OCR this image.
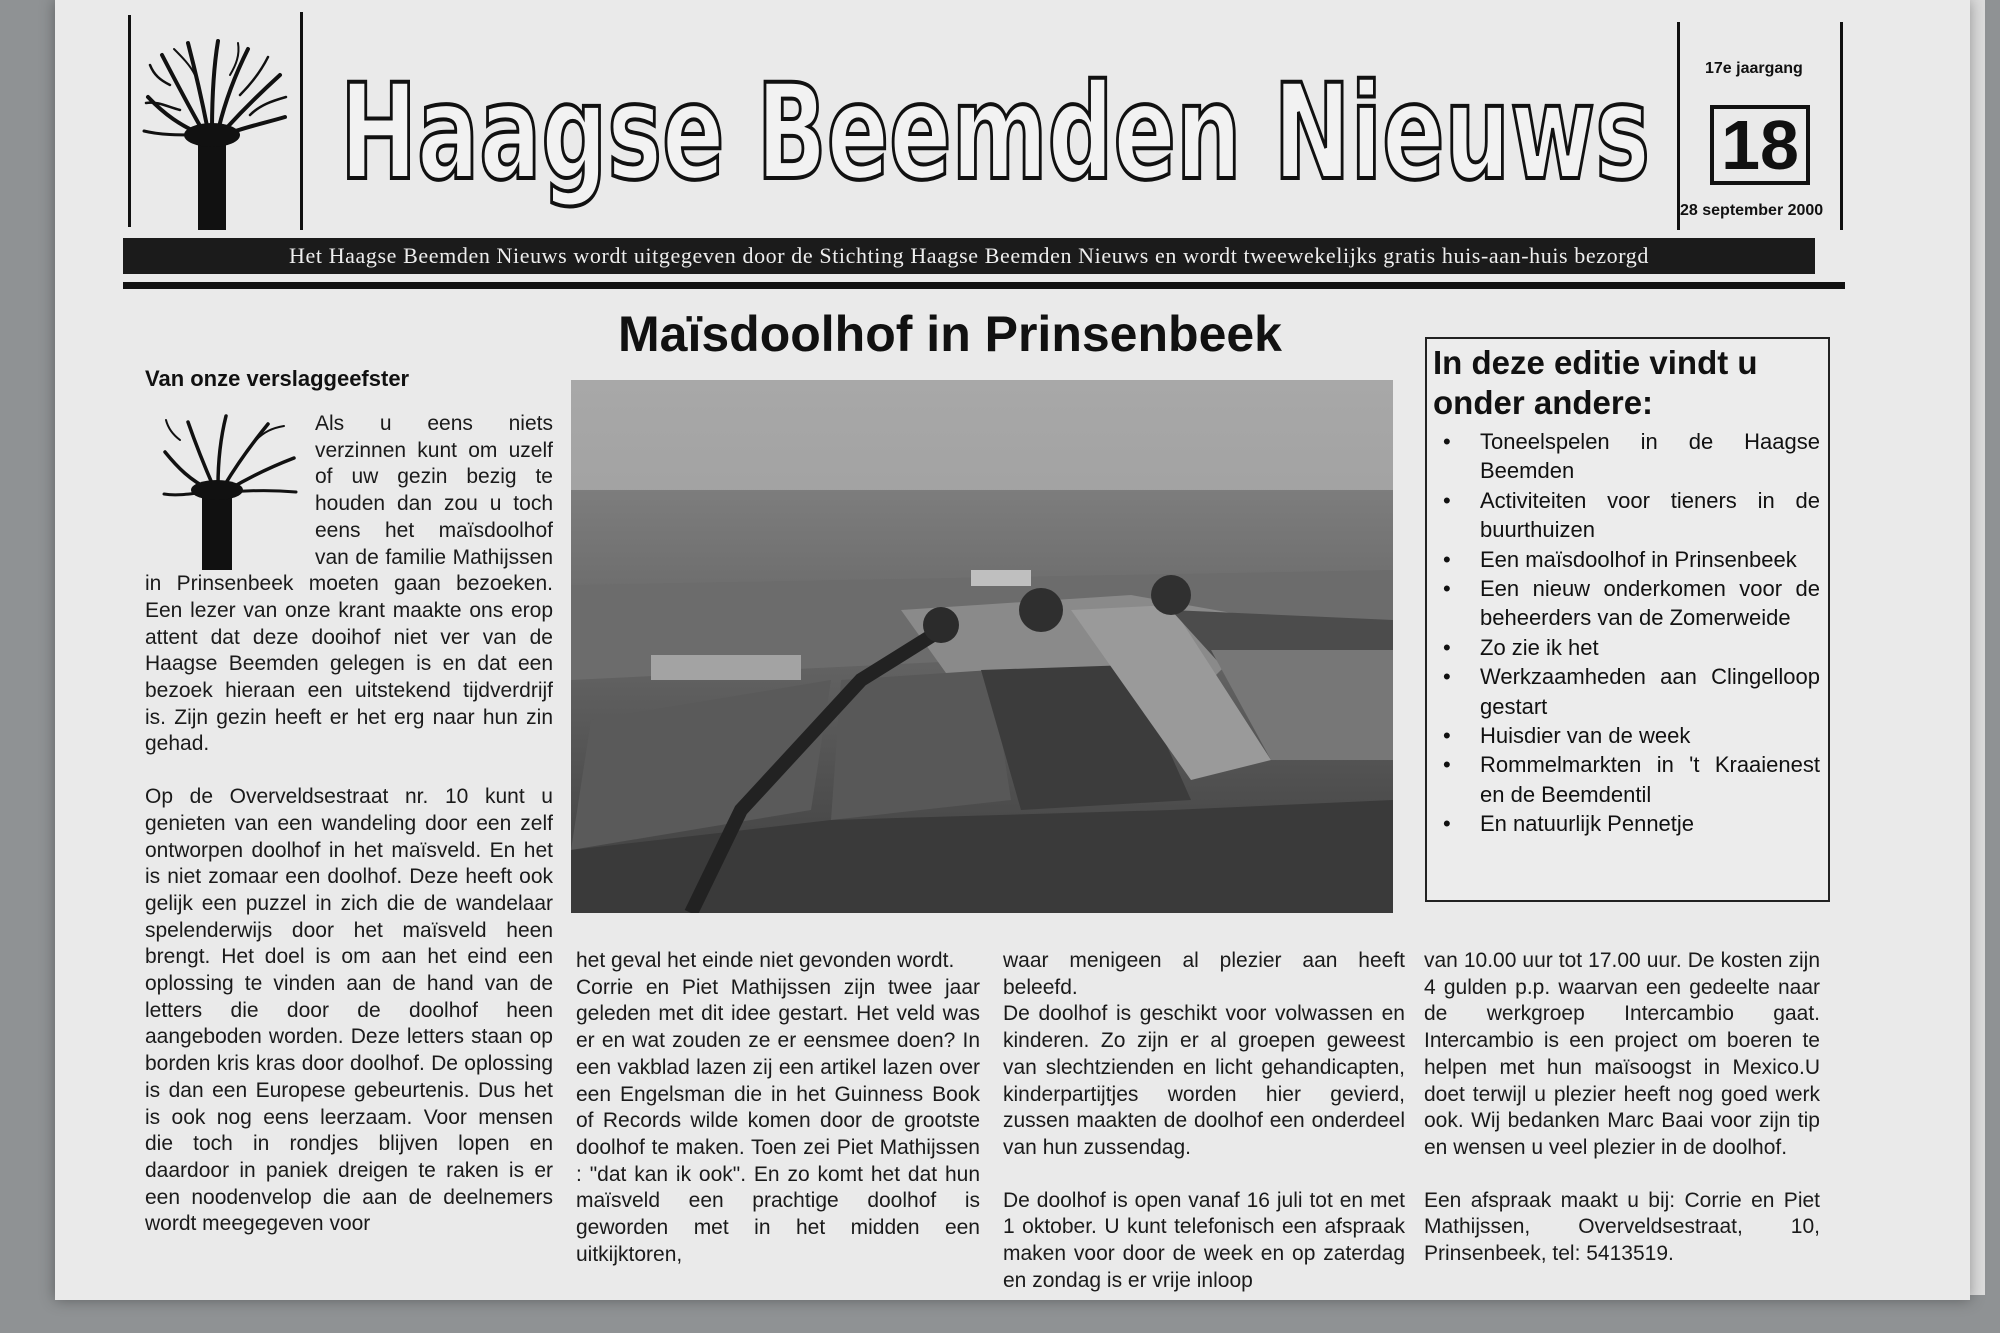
Haagse Beemden Nieuws	17e jaargang
18
28 september 2000
Het Haagse Beemden Nieuws wordt uitgegeven door de Stichting Haagse Beemden Nieuws en wordt tweewekelijks gratis huis-aan-huis bezorgd
Maïsdoolhof in Prinsenbeek
Van onze verslaggeefster

Als u eens niets verzinnen kunt om uzelf of uw gezin bezig te houden dan zou u toch eens het maïsdoolhof van de familie Mathijssen in Prinsenbeek moeten gaan bezoeken. Een lezer van onze krant maakte ons erop attent dat deze dooihof niet ver van de Haagse Beemden gelegen is en dat een bezoek hieraan een uitstekend tijdverdrijf is. Zijn gezin heeft er het erg naar hun zin gehad.

Op de Overveldsestraat nr. 10 kunt u genieten van een wandeling door een zelf ontworpen doolhof in het maïsveld. En het is niet zomaar een doolhof. Deze heeft ook gelijk een puzzel in zich die de wandelaar spelenderwijs door het maïsveld heen brengt. Het doel is om aan het eind een oplossing te vinden aan de hand van de letters die door de doolhof heen aangeboden worden. Deze letters staan op borden kris kras door doolhof. De oplossing is dan een Europese gebeurtenis. Dus het is ook nog eens leerzaam. Voor mensen die toch in rondjes blijven lopen en daardoor in paniek dreigen te raken is er een noodenvelop die aan de deelnemers wordt meegegeven voor

het geval het einde niet gevonden wordt.

Corrie en Piet Mathijssen zijn twee jaar geleden met dit idee gestart. Het veld was er en wat zouden ze er eensmee doen? In een vakblad lazen zij een artikel lazen over een Engelsman die in het Guinness Book of Records wilde komen door de grootste doolhof te maken. Toen zei Piet Mathijssen : "dat kan ik ook". En zo komt het dat hun maïsveld een prachtige doolhof is geworden met in het midden een uitkijktoren,

waar menigeen al plezier aan heeft beleefd.

De doolhof is geschikt voor volwassen en kinderen. Zo zijn er al groepen geweest van slechtzienden en licht gehandicapten, kinderpartijtjes worden hier gevierd, zussen maakten de doolhof een onderdeel van hun zussendag.

De doolhof is open vanaf 16 juli tot en met 1 oktober. U kunt telefonisch een afspraak maken voor door de week en op zaterdag en zondag is er vrije inloop

van 10.00 uur tot 17.00 uur. De kosten zijn 4 gulden p.p. waarvan een gedeelte naar de werkgroep Intercambio gaat. Intercambio is een project om boeren te helpen met hun maïsoogst in Mexico.U doet terwijl u plezier heeft nog goed werk ook. Wij bedanken Marc Baai voor zijn tip en wensen u veel plezier in de doolhof.

Een afspraak maakt u bij: Corrie en Piet Mathijssen, Overveldsestraat, 10, Prinsenbeek, tel: 5413519.

In deze editie vindt u onder andere:
• Toneelspelen in de Haagse Beemden
• Activiteiten voor tieners in de buurthuizen
• Een maïsdoolhof in Prinsenbeek
• Een nieuw onderkomen voor de beheerders van de Zomerweide
• Zo zie ik het
• Werkzaamheden aan Clingelloop gestart
• Huisdier van de week
• Rommelmarkten in 't Kraaienest en de Beemdentil
• En natuurlijk Pennetje
